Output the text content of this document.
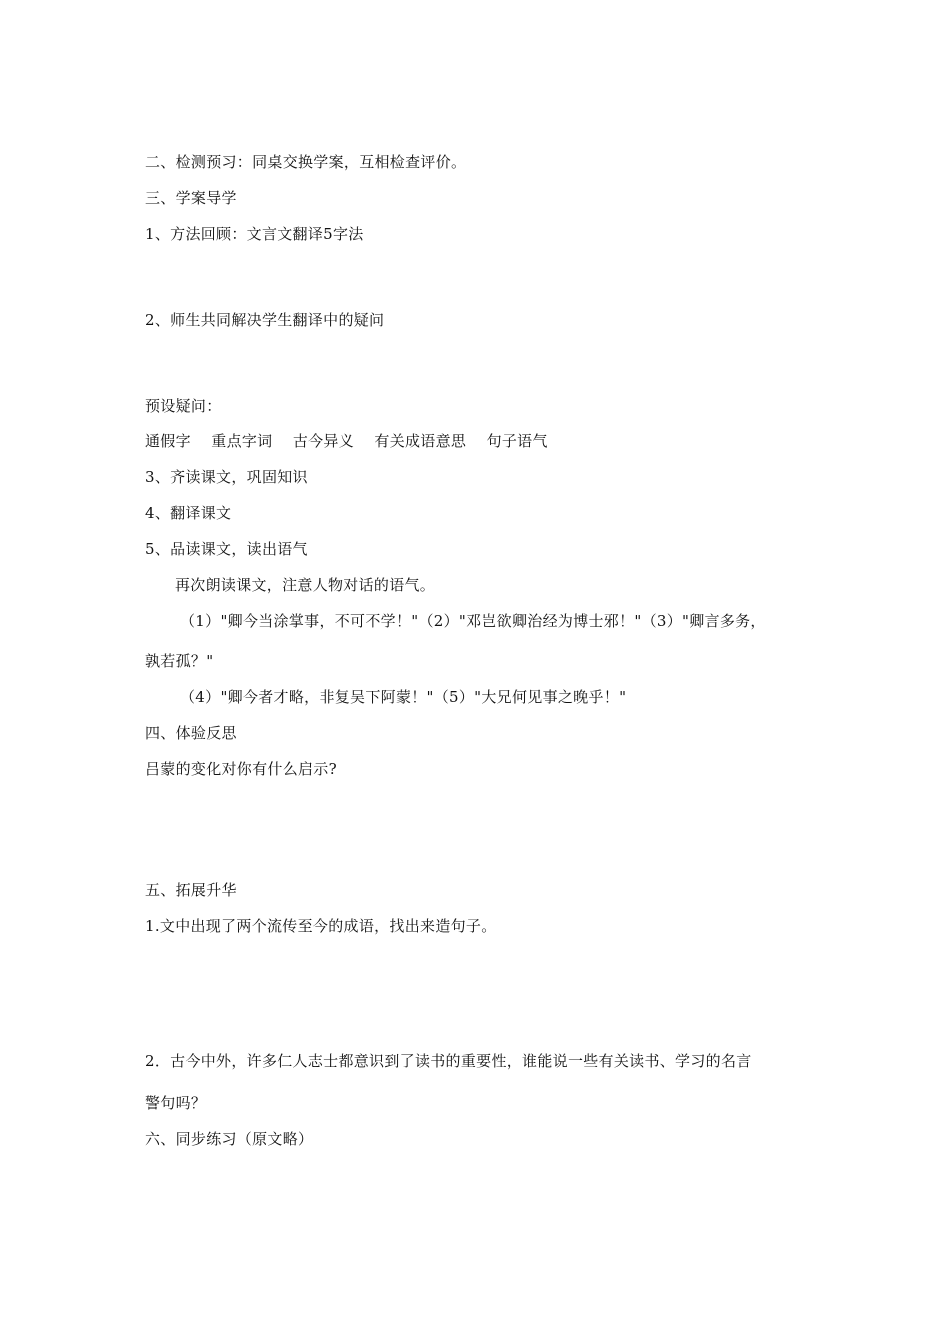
二、检测预习：同桌交换学案，互相检查评价。
三、学案导学
1、方法回顾：文言文翻译5字法
2、师生共同解决学生翻译中的疑问
预设疑问：
通假字　 重点字词　 古今异义　 有关成语意思　 句子语气
3、齐读课文，巩固知识
4、翻译课文
5、品读课文，读出语气
再次朗读课文，注意人物对话的语气。
（1）"卿今当涂掌事，不可不学！"（2）"邓岂欲卿治经为博士邪！"（3）"卿言多务，
孰若孤？"
（4）"卿今者才略，非复吴下阿蒙！"（5）"大兄何见事之晚乎！"
四、体验反思
吕蒙的变化对你有什么启示?
五、拓展升华
1.文中出现了两个流传至今的成语，找出来造句子。
2．古今中外，许多仁人志士都意识到了读书的重要性，谁能说一些有关读书、学习的名言
警句吗？
六、同步练习（原文略）
